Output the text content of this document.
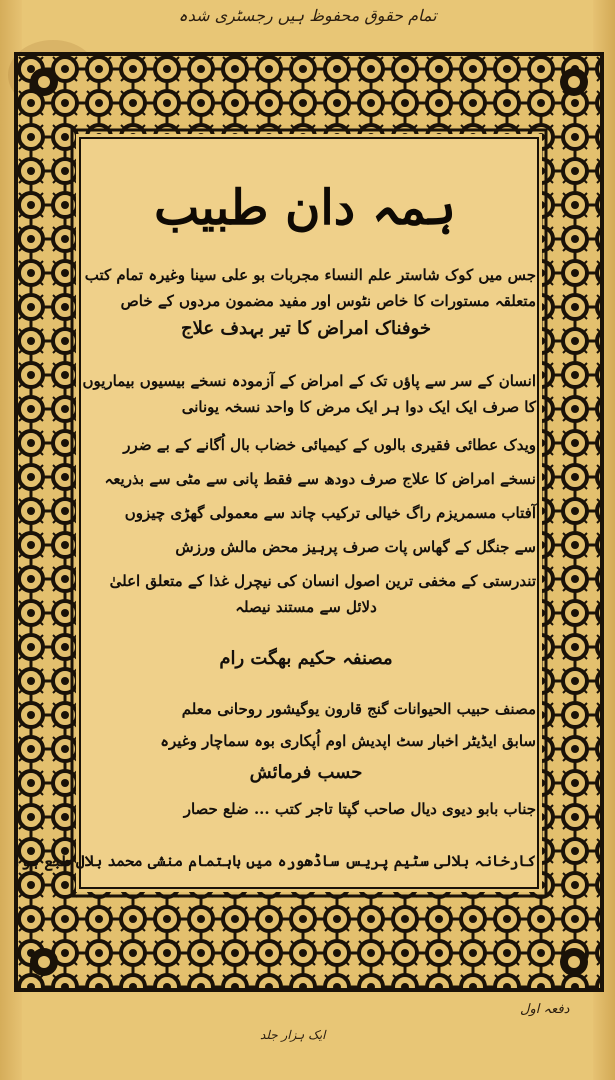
تمام حقوق محفوظ ہیں رجسٹری شدہ
ہمہ دان طبیب
جس میں کوک شاستر علم النساء مجربات بو علی سینا وغیرہ تمام کتب
متعلقہ مستورات کا خاص نٹوس اور مفید مضمون مردوں کے خاص
خوفناک امراض کا تیر بہدف علاج
انسان کے سر سے پاؤں تک کے امراض کے آزمودہ نسخے بیسیوں بیماریوں
کا صرف ایک ایک دوا ہر ایک مرض کا واحد نسخہ یونانی
ویدک عطائی فقیری بالوں کے کیمیائی خضاب بال اُگانے کے بے ضرر
نسخے امراض کا علاج صرف دودھ سے فقط پانی سے مٹی سے بذریعہ
آفتاب مسمریزم راگ خیالی ترکیب چاند سے معمولی گھڑی چیزوں
سے جنگل کے گھاس پات صرف پرہیز محض مالش ورزش
تندرستی کے مخفی ترین اصول انسان کی نیچرل غذا کے متعلق اعلیٰ
دلائل سے مستند نیصلہ
مصنفہ حکیم بھگت رام
مصنف حبیب الحیوانات گنج قارون یوگیشور روحانی معلم
سابق ایڈیٹر اخبار سٹ اپدیش اوم اُپکاری بوہ سماچار وغیرہ
حسب فرمائش
جناب بابو دیوی دیال صاحب گپتا تاجر کتب ... ضلع حصار
کارخانہ بلالی سٹیم پریس ساڈھورہ میں باہتمام منشی محمد بلال طبع ہوا
دفعہ اول
ایک ہزار جلد
